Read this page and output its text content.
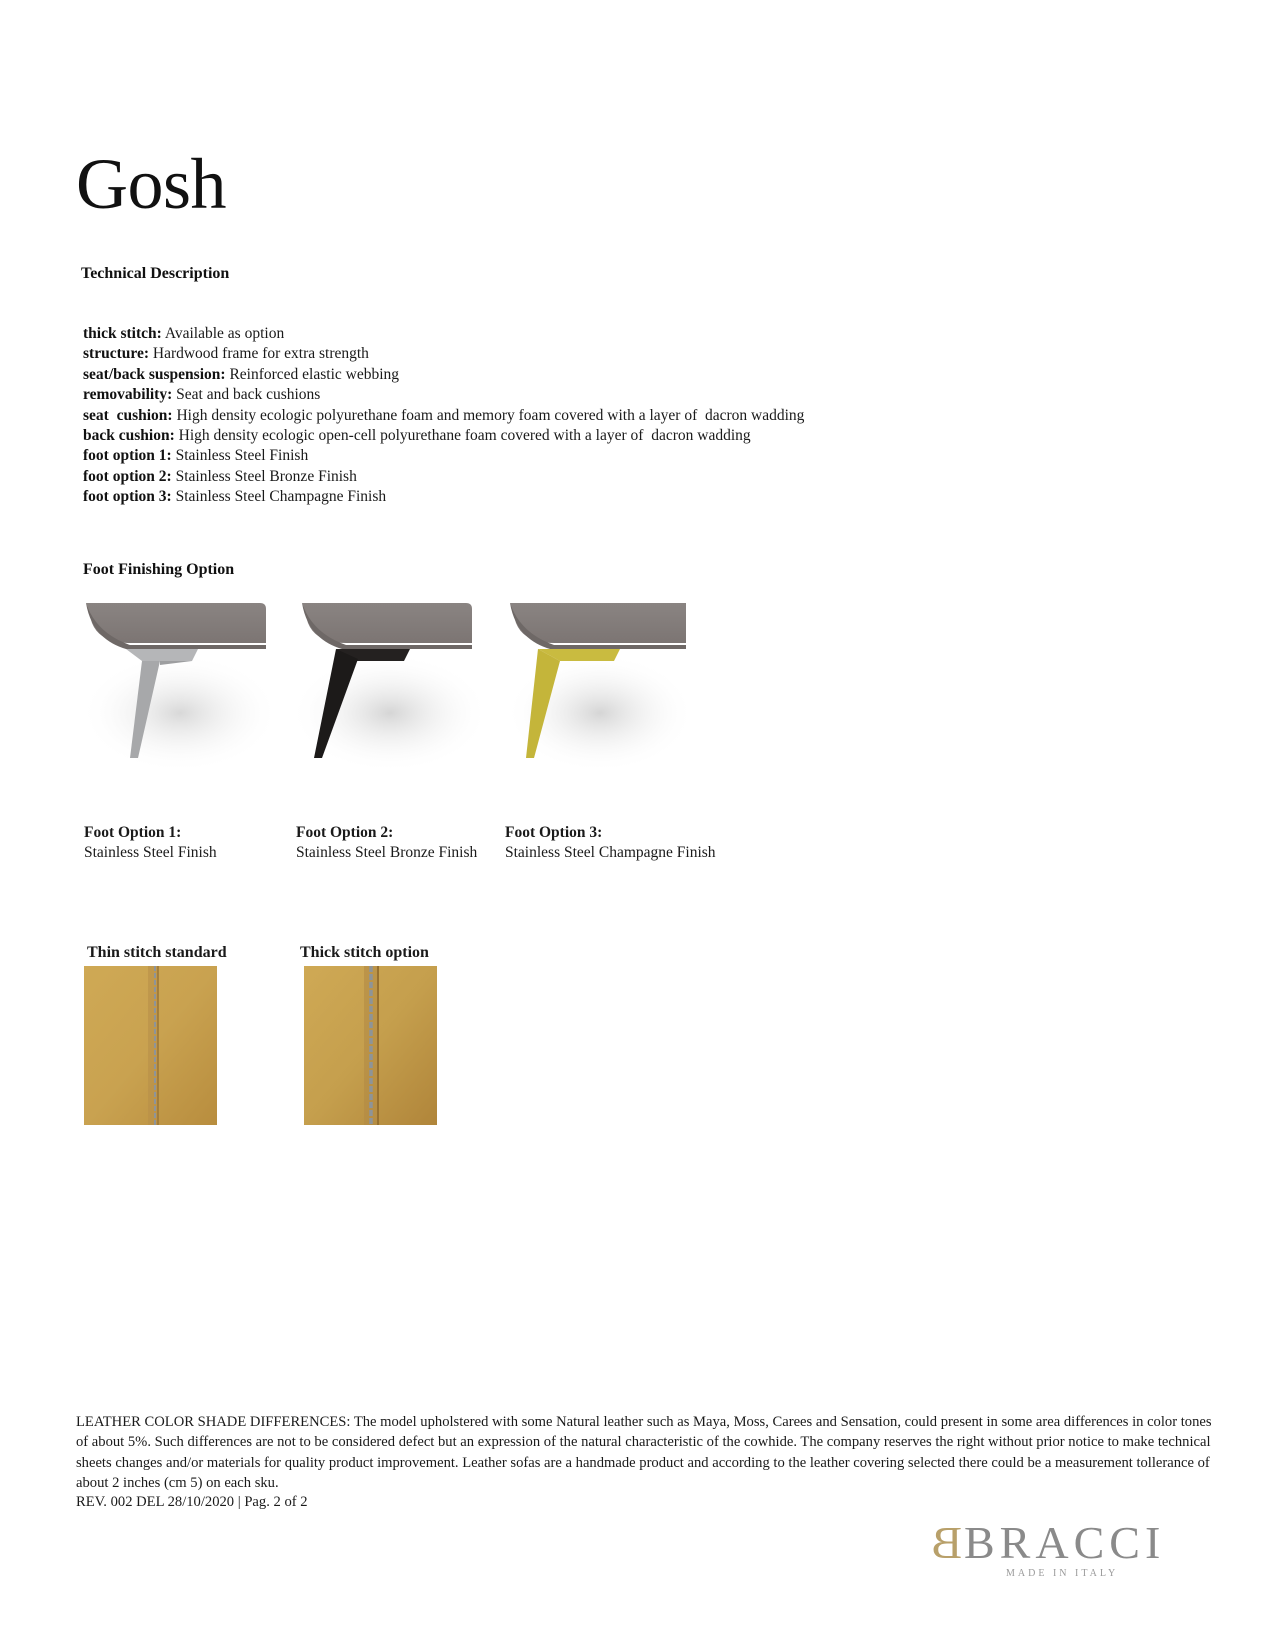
Gosh
Technical Description
thick stitch: Available as option
structure: Hardwood frame for extra strength
seat/back suspension: Reinforced elastic webbing
removability: Seat and back cushions
seat  cushion: High density ecologic polyurethane foam and memory foam covered with a layer of  dacron wadding
back cushion: High density ecologic open-cell polyurethane foam covered with a layer of  dacron wadding
foot option 1: Stainless Steel Finish
foot option 2: Stainless Steel Bronze Finish
foot option 3: Stainless Steel Champagne Finish
Foot Finishing Option
Foot Option 1:
Stainless Steel Finish
Foot Option 2:
Stainless Steel Bronze Finish
Foot Option 3:
Stainless Steel Champagne Finish
Thin stitch standard	Thick stitch option
LEATHER COLOR SHADE DIFFERENCES: The model upholstered with some Natural leather such as Maya, Moss, Carees and Sensation, could present in some area differences in color tones of about 5%. Such differences are not to be considered defect but an expression of the natural characteristic of the cowhide. The company reserves the right without prior notice to make technical sheets changes and/or materials for quality product improvement. Leather sofas are a handmade product and according to the leather covering selected there could be a measurement tollerance of about 2 inches (cm 5) on each sku.
REV. 002 DEL 28/10/2020 | Pag. 2 of 2
B BRACCI
MADE IN ITALY
